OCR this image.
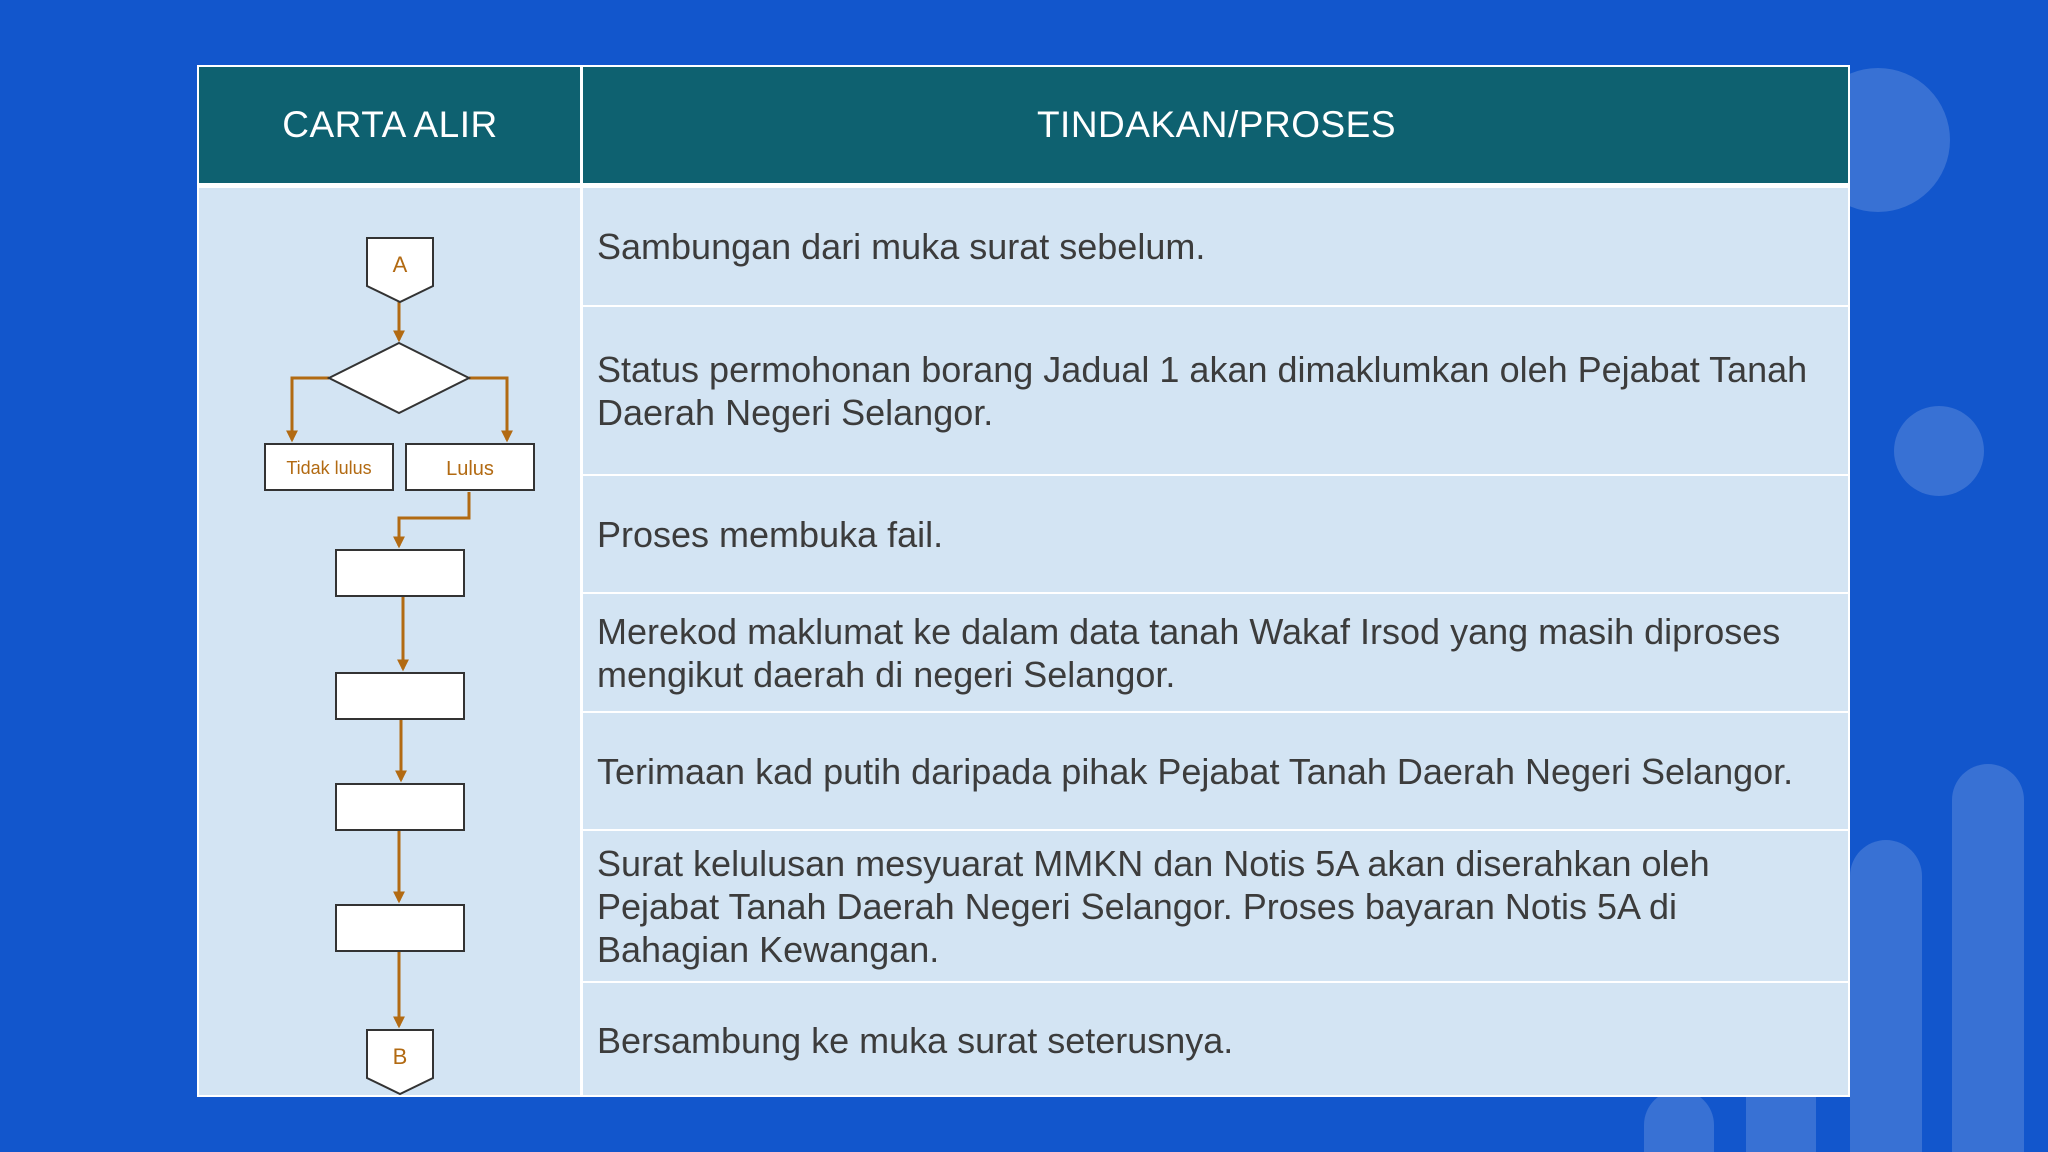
CARTA ALIR	TINDAKAN/PROSES
A
Tidak lulus	Lulus
B
Sambungan dari muka surat sebelum.
Status permohonan borang Jadual 1 akan dimaklumkan oleh Pejabat Tanah Daerah Negeri Selangor.
Proses membuka fail.
Merekod maklumat ke dalam data tanah Wakaf Irsod yang masih diproses mengikut daerah di negeri Selangor.
Terimaan kad putih daripada pihak Pejabat Tanah Daerah Negeri Selangor.
Surat kelulusan mesyuarat MMKN dan Notis 5A akan diserahkan oleh Pejabat Tanah Daerah Negeri Selangor. Proses bayaran Notis 5A di Bahagian Kewangan.
Bersambung ke muka surat seterusnya.
